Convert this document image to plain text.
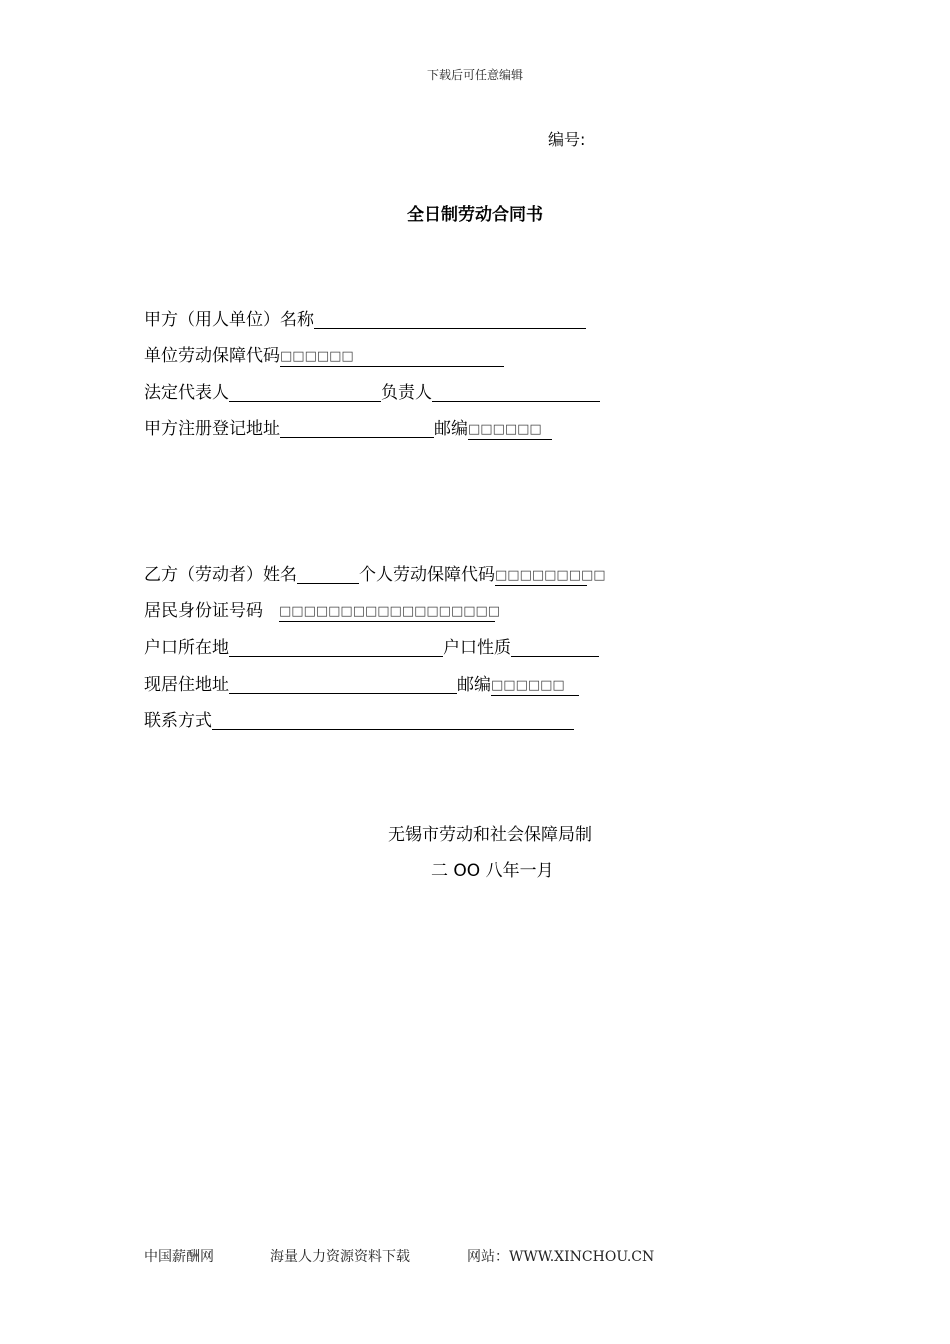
下载后可任意编辑
编号:
全日制劳动合同书
甲方（用人单位）名称
单位劳动保障代码 □□□□□□
法定代表人	负责人
甲方注册登记地址	邮编 □□□□□□
乙方（劳动者）姓名	个人劳动保障代码 □□□□□□□□□
居民身份证号码 □□□□□□□□□□□□□□□□□□
户口所在地	户口性质
现居住地址	邮编 □□□□□□
联系方式
无锡市劳动和社会保障局制
二 OO 八年一月
中国薪酬网	海量人力资源资料下载	网站：WWW.XINCHOU.CN
